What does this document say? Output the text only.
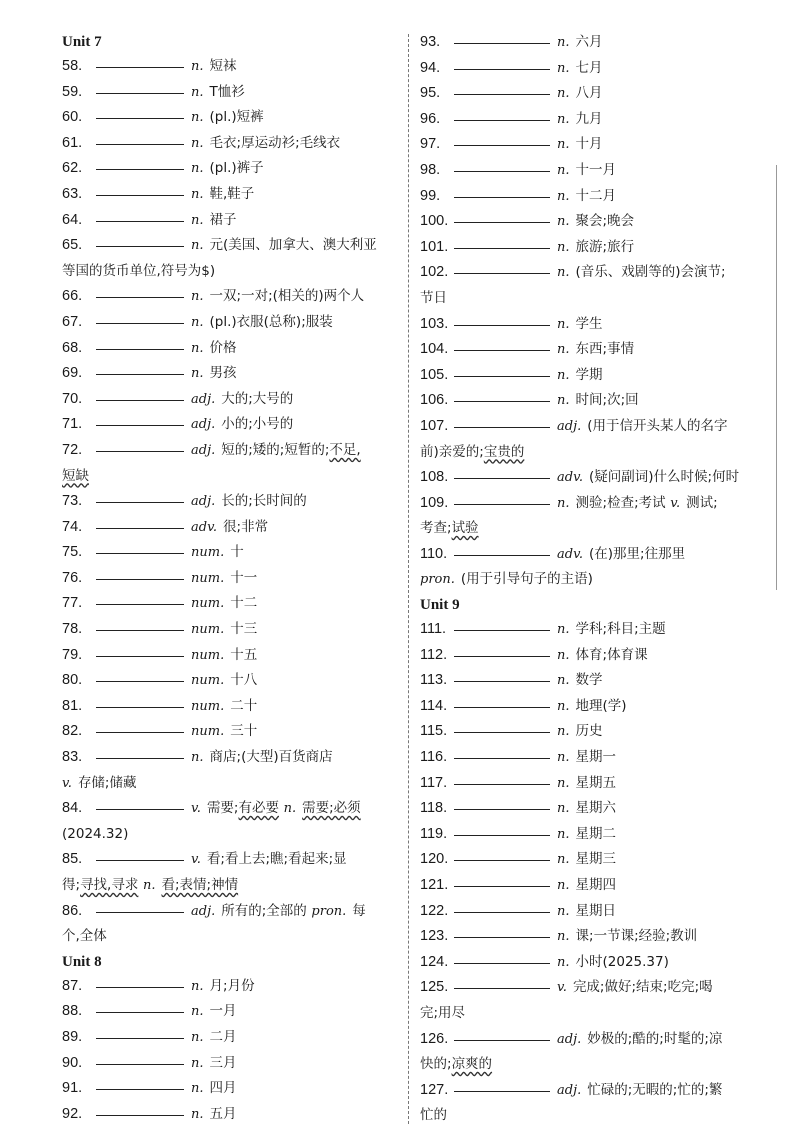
Unit 7
58.	n. 短袜
59.	n. T恤衫
60.	n. (pl.)短裤
61.	n. 毛衣;厚运动衫;毛线衣
62.	n. (pl.)裤子
63.	n. 鞋,鞋子
64.	n. 裙子
65.	n. 元(美国、加拿大、澳大利亚
等国的货币单位,符号为$)
66.	n. 一双;一对;(相关的)两个人
67.	n. (pl.)衣服(总称);服装
68.	n. 价格
69.	n. 男孩
70.	adj. 大的;大号的
71.	adj. 小的;小号的
72.	adj. 短的;矮的;短暂的;不足,
短缺
73.	adj. 长的;长时间的
74.	adv. 很;非常
75.	num. 十
76.	num. 十一
77.	num. 十二
78.	num. 十三
79.	num. 十五
80.	num. 十八
81.	num. 二十
82.	num. 三十
83.	n. 商店;(大型)百货商店
v. 存储;储藏
84.	v. 需要;有必要 n. 需要;必须
(2024.32)
85.	v. 看;看上去;瞧;看起来;显
得;寻找,寻求 n. 看;表情;神情
86.	adj. 所有的;全部的 pron. 每
个,全体
Unit 8
87.	n. 月;月份
88.	n. 一月
89.	n. 二月
90.	n. 三月
91.	n. 四月
92.	n. 五月
93.	n. 六月
94.	n. 七月
95.	n. 八月
96.	n. 九月
97.	n. 十月
98.	n. 十一月
99.	n. 十二月
100.	n. 聚会;晚会
101.	n. 旅游;旅行
102.	n. (音乐、戏剧等的)会演节;
节日
103.	n. 学生
104.	n. 东西;事情
105.	n. 学期
106.	n. 时间;次;回
107.	adj. (用于信开头某人的名字
前)亲爱的;宝贵的
108.	adv. (疑问副词)什么时候;何时
109.	n. 测验;检查;考试 v. 测试;
考查;试验
110.	adv. (在)那里;往那里
pron. (用于引导句子的主语)
Unit 9
111.	n. 学科;科目;主题
112.	n. 体育;体育课
113.	n. 数学
114.	n. 地理(学)
115.	n. 历史
116.	n. 星期一
117.	n. 星期五
118.	n. 星期六
119.	n. 星期二
120.	n. 星期三
121.	n. 星期四
122.	n. 星期日
123.	n. 课;一节课;经验;教训
124.	n. 小时(2025.37)
125.	v. 完成;做好;结束;吃完;喝
完;用尽
126.	adj. 妙极的;酷的;时髦的;凉
快的;凉爽的
127.	adj. 忙碌的;无暇的;忙的;繁
忙的
